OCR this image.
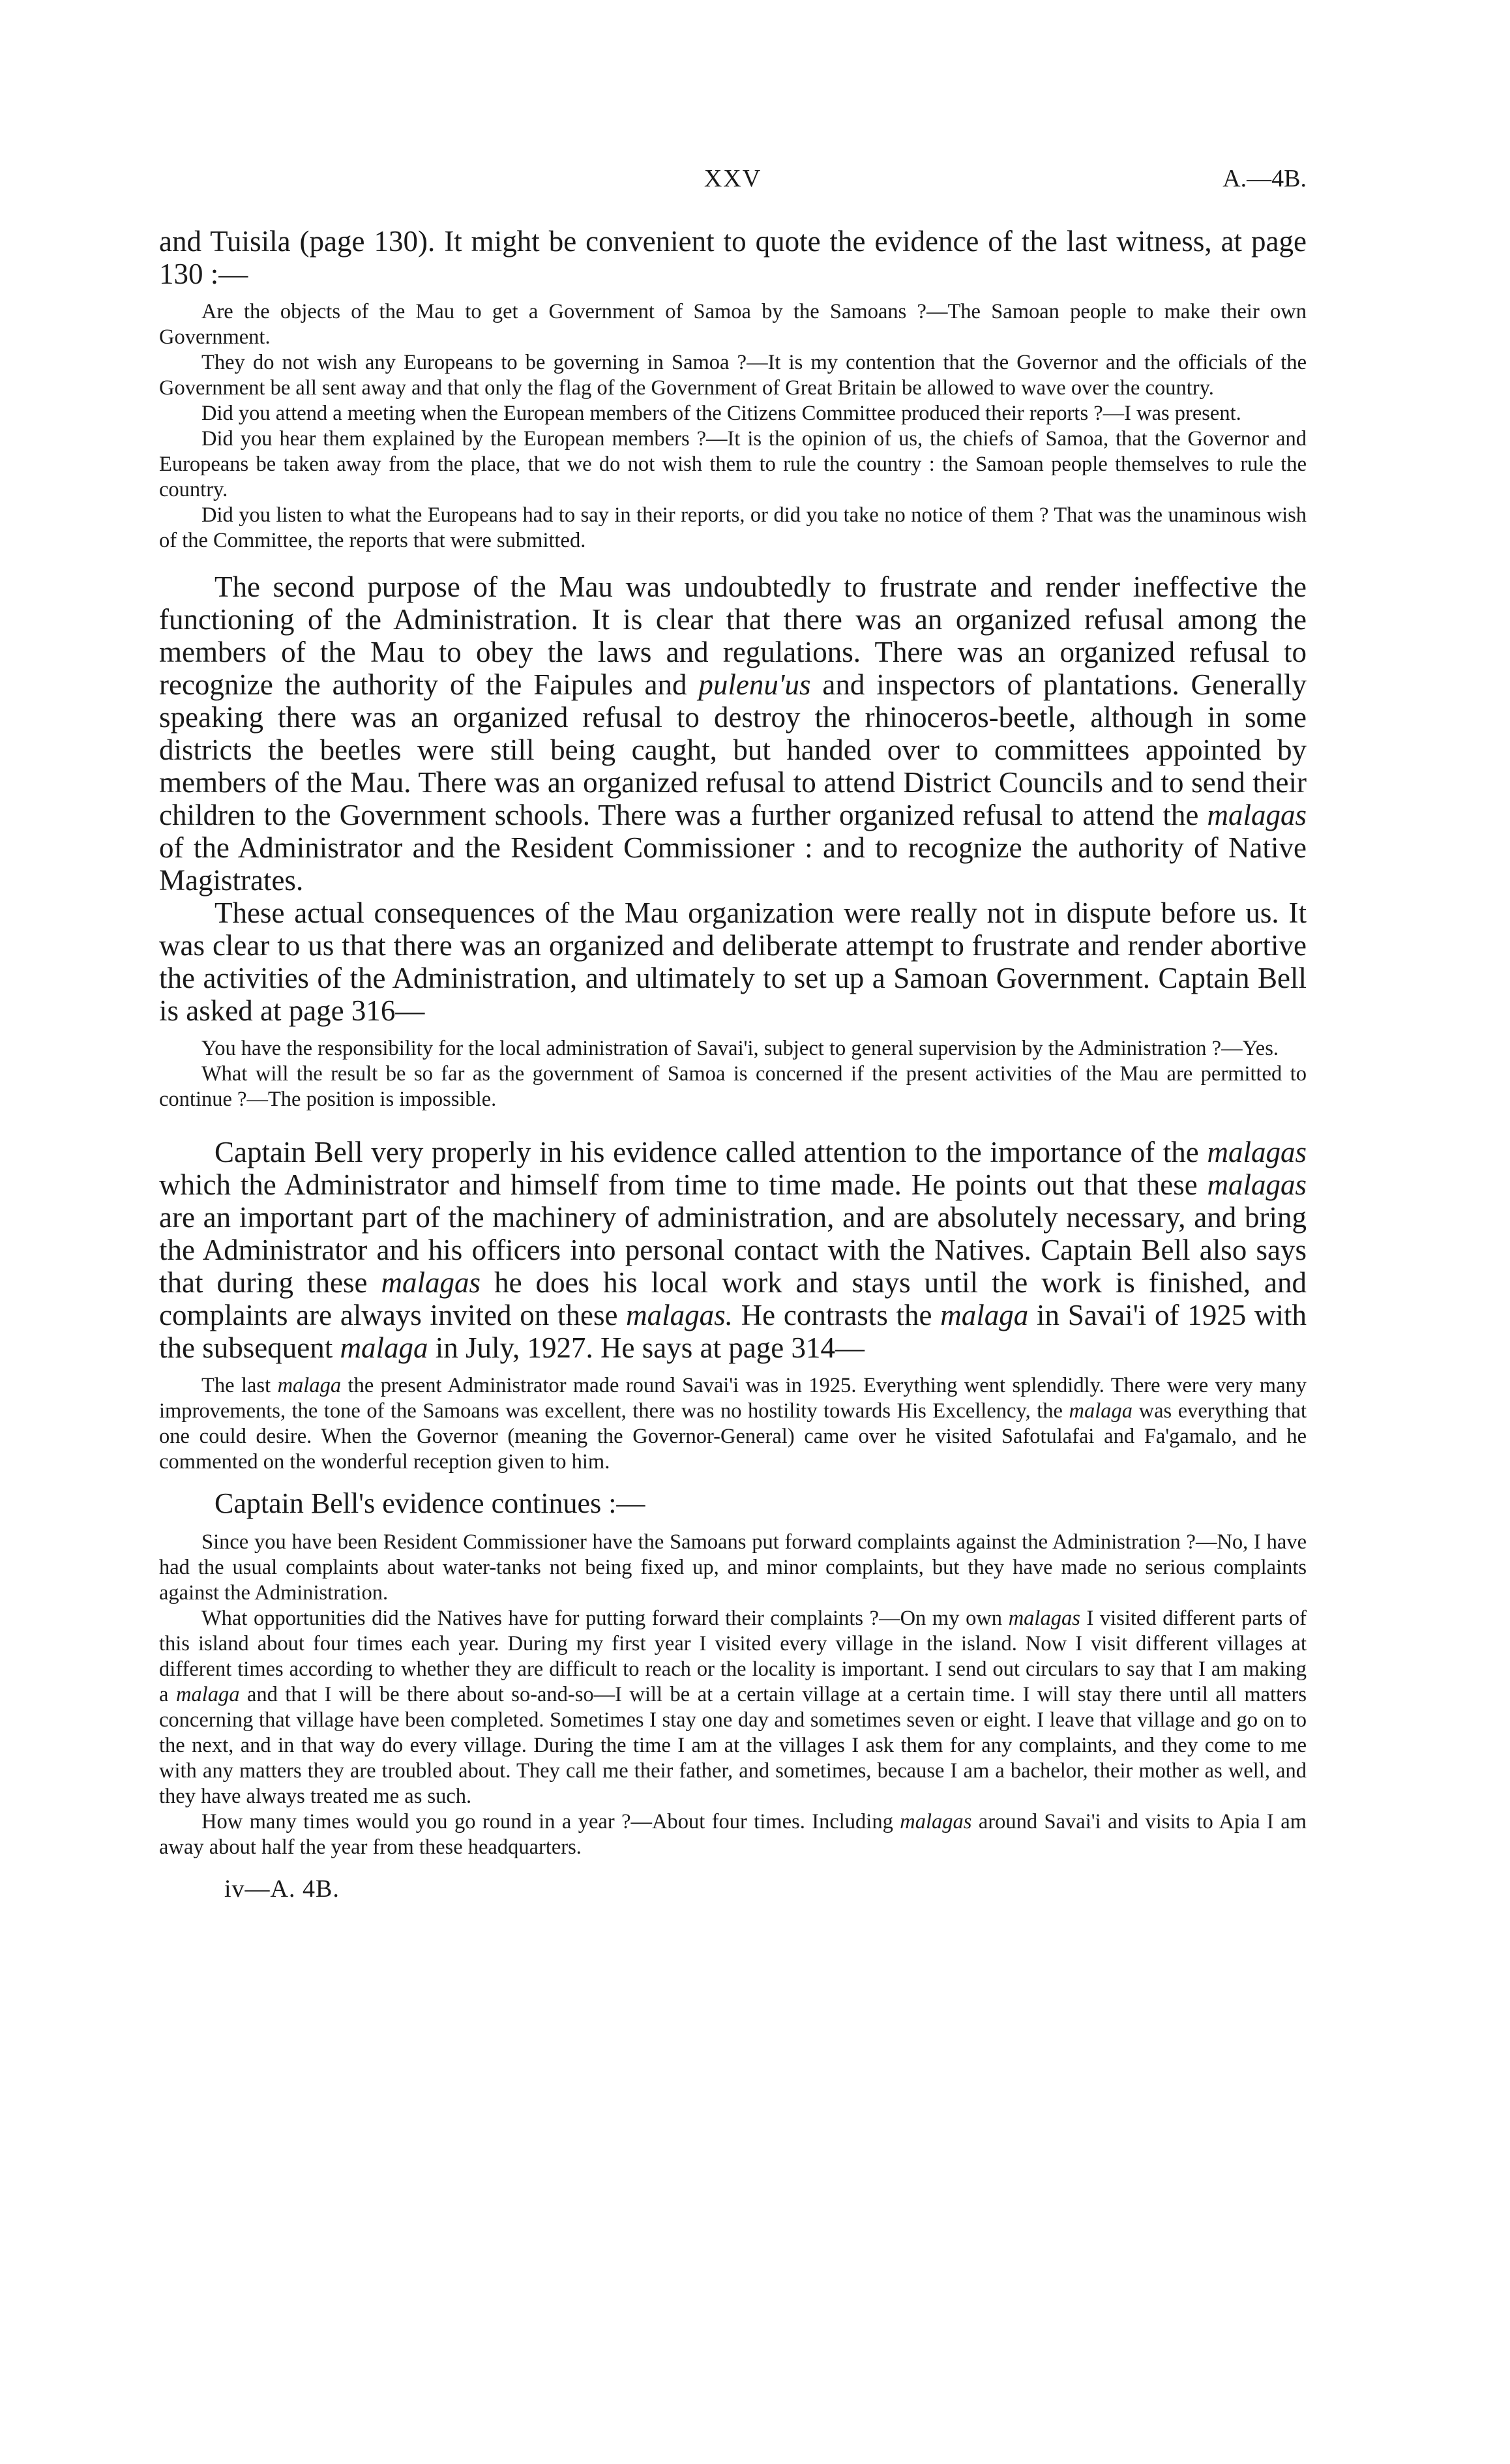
XXV	A.—4B.

and Tuisila (page 130). It might be convenient to quote the evidence of the last witness, at page 130 :—

Are the objects of the Mau to get a Government of Samoa by the Samoans ?—The Samoan people to make their own Government.

They do not wish any Europeans to be governing in Samoa ?—It is my contention that the Governor and the officials of the Government be all sent away and that only the flag of the Government of Great Britain be allowed to wave over the country.

Did you attend a meeting when the European members of the Citizens Committee produced their reports ?—I was present.

Did you hear them explained by the European members ?—It is the opinion of us, the chiefs of Samoa, that the Governor and Europeans be taken away from the place, that we do not wish them to rule the country : the Samoan people themselves to rule the country.

Did you listen to what the Europeans had to say in their reports, or did you take no notice of them ? That was the unaminous wish of the Committee, the reports that were submitted.

The second purpose of the Mau was undoubtedly to frustrate and render ineffective the functioning of the Administration. It is clear that there was an organized refusal among the members of the Mau to obey the laws and regulations. There was an organized refusal to recognize the authority of the Faipules and pulenu'us and inspectors of plantations. Generally speaking there was an organized refusal to destroy the rhinoceros-beetle, although in some districts the beetles were still being caught, but handed over to committees appointed by members of the Mau. There was an organized refusal to attend District Councils and to send their children to the Government schools. There was a further organized refusal to attend the malagas of the Administrator and the Resident Commissioner : and to recognize the authority of Native Magistrates.

These actual consequences of the Mau organization were really not in dispute before us. It was clear to us that there was an organized and deliberate attempt to frustrate and render abortive the activities of the Administration, and ultimately to set up a Samoan Government. Captain Bell is asked at page 316—

You have the responsibility for the local administration of Savai'i, subject to general supervision by the Administration ?—Yes.

What will the result be so far as the government of Samoa is concerned if the present activities of the Mau are permitted to continue ?—The position is impossible.

Captain Bell very properly in his evidence called attention to the importance of the malagas which the Administrator and himself from time to time made. He points out that these malagas are an important part of the machinery of administration, and are absolutely necessary, and bring the Administrator and his officers into personal contact with the Natives. Captain Bell also says that during these malagas he does his local work and stays until the work is finished, and complaints are always invited on these malagas. He contrasts the malaga in Savai'i of 1925 with the subsequent malaga in July, 1927. He says at page 314—

The last malaga the present Administrator made round Savai'i was in 1925. Everything went splendidly. There were very many improvements, the tone of the Samoans was excellent, there was no hostility towards His Excellency, the malaga was everything that one could desire. When the Governor (meaning the Governor-General) came over he visited Safotulafai and Fa'gamalo, and he commented on the wonderful reception given to him.

Captain Bell's evidence continues :—

Since you have been Resident Commissioner have the Samoans put forward complaints against the Administration ?—No, I have had the usual complaints about water-tanks not being fixed up, and minor complaints, but they have made no serious complaints against the Administration.

What opportunities did the Natives have for putting forward their complaints ?—On my own malagas I visited different parts of this island about four times each year. During my first year I visited every village in the island. Now I visit different villages at different times according to whether they are difficult to reach or the locality is important. I send out circulars to say that I am making a malaga and that I will be there about so-and-so—I will be at a certain village at a certain time. I will stay there until all matters concerning that village have been completed. Sometimes I stay one day and sometimes seven or eight. I leave that village and go on to the next, and in that way do every village. During the time I am at the villages I ask them for any complaints, and they come to me with any matters they are troubled about. They call me their father, and sometimes, because I am a bachelor, their mother as well, and they have always treated me as such.

How many times would you go round in a year ?—About four times. Including malagas around Savai'i and visits to Apia I am away about half the year from these headquarters.

iv—A. 4B.
